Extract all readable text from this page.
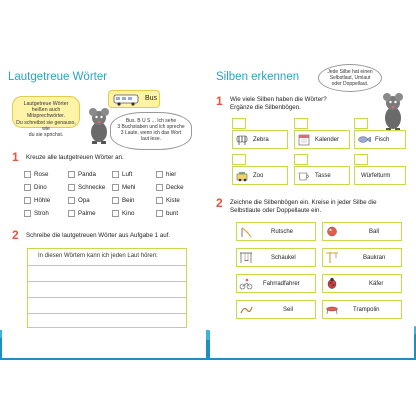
Lautgetreue Wörter
Lautgetreue Wörter
heißen auch Mitsprechwörter.
Du schreibst sie genauso, wie
du sie sprichst.
Bus
Bus. B U S ... Ich sehe
3 Buchstaben und ich spreche
3 Laute, wenn ich das Wort
laut lese.
1 Kreuze alle lautgetreuen Wörter an.
Rose	Panda	Luft	hier
Dino	Schnecke	Mehl	Decke
Höhle	Opa	Bein	Kiste
Stroh	Palme	Kino	bunt
2 Schreibe die lautgetreuen Wörter aus Aufgabe 1 auf.
In diesen Wörtern kann ich jeden Laut hören:
4
Silben erkennen	Jede Silbe hat einen
Selbstlaut, Umlaut
oder Doppellaut.
1 Wie viele Silben haben die Wörter?
Ergänze die Silbenbögen.
Zebra	Kalender	Fisch
Zoo	Tasse	Würfelturm
2 Zeichne die Silbenbögen ein. Kreise in jeder Silbe die
Selbstlaute oder Doppellaute ein.
Rutsche	Ball
Schaukel	Baukran
Fahrradfahrer	Käfer
Seil	Trampolin
5
